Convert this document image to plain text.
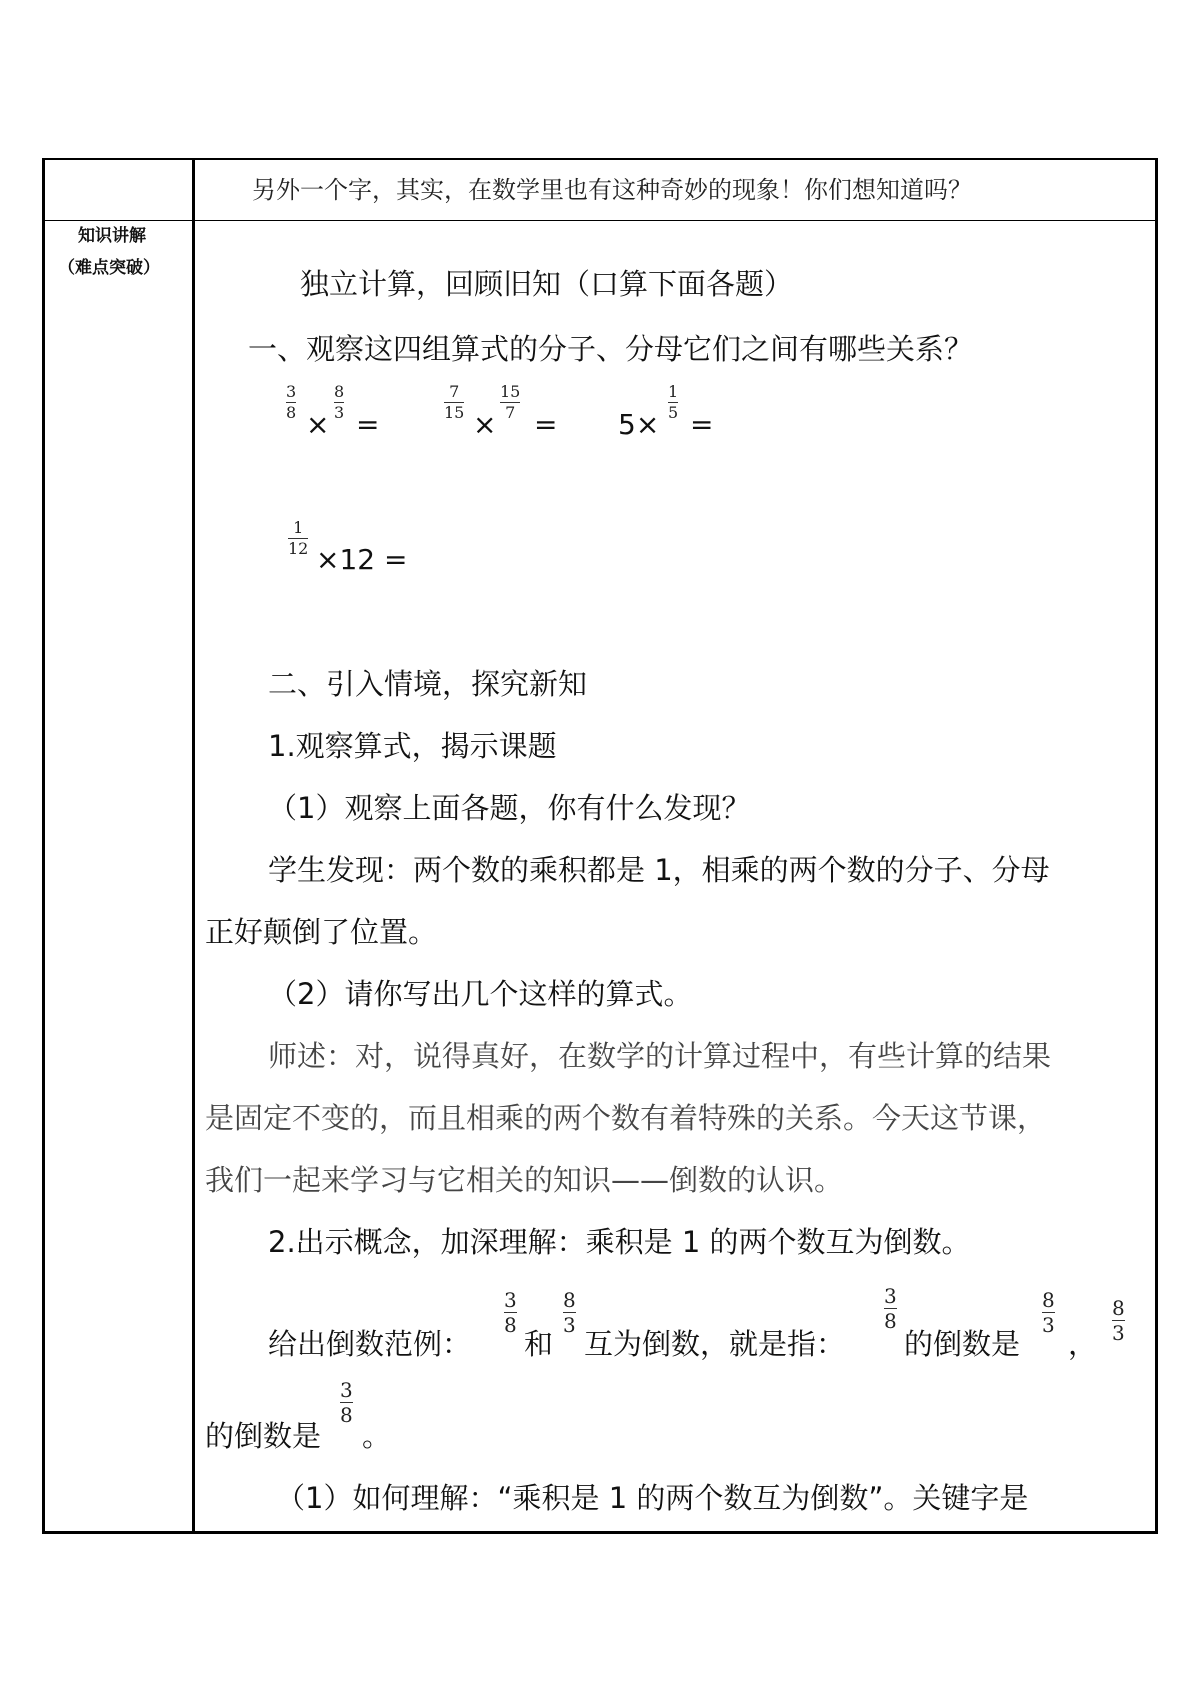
另外一个字，其实，在数学里也有这种奇妙的现象！你们想知道吗？
知识讲解
（难点突破）	独立计算，回顾旧知（口算下面各题）
一、观察这四组算式的分子、分母它们之间有哪些关系？
3
8 ×
8
3 =
7
15 ×
15
7 = 5×
1
5 =
1
12 ×12 =
二、引入情境，探究新知
1.观察算式，揭示课题
（1）观察上面各题，你有什么发现？
学生发现：两个数的乘积都是 1，相乘的两个数的分子、分母
正好颠倒了位置。
（2）请你写出几个这样的算式。
师述：对，说得真好，在数学的计算过程中，有些计算的结果
是固定不变的，而且相乘的两个数有着特殊的关系。今天这节课，
我们一起来学习与它相关的知识——倒数的认识。
2.出示概念，加深理解：乘积是 1 的两个数互为倒数。
给出倒数范例：
3
8
和
8
3
互为倒数，就是指：
3
8
的倒数是
8
3
，
8
3
的倒数是
3
8
。
（1）如何理解：“乘积是 1 的两个数互为倒数”。关键字是
